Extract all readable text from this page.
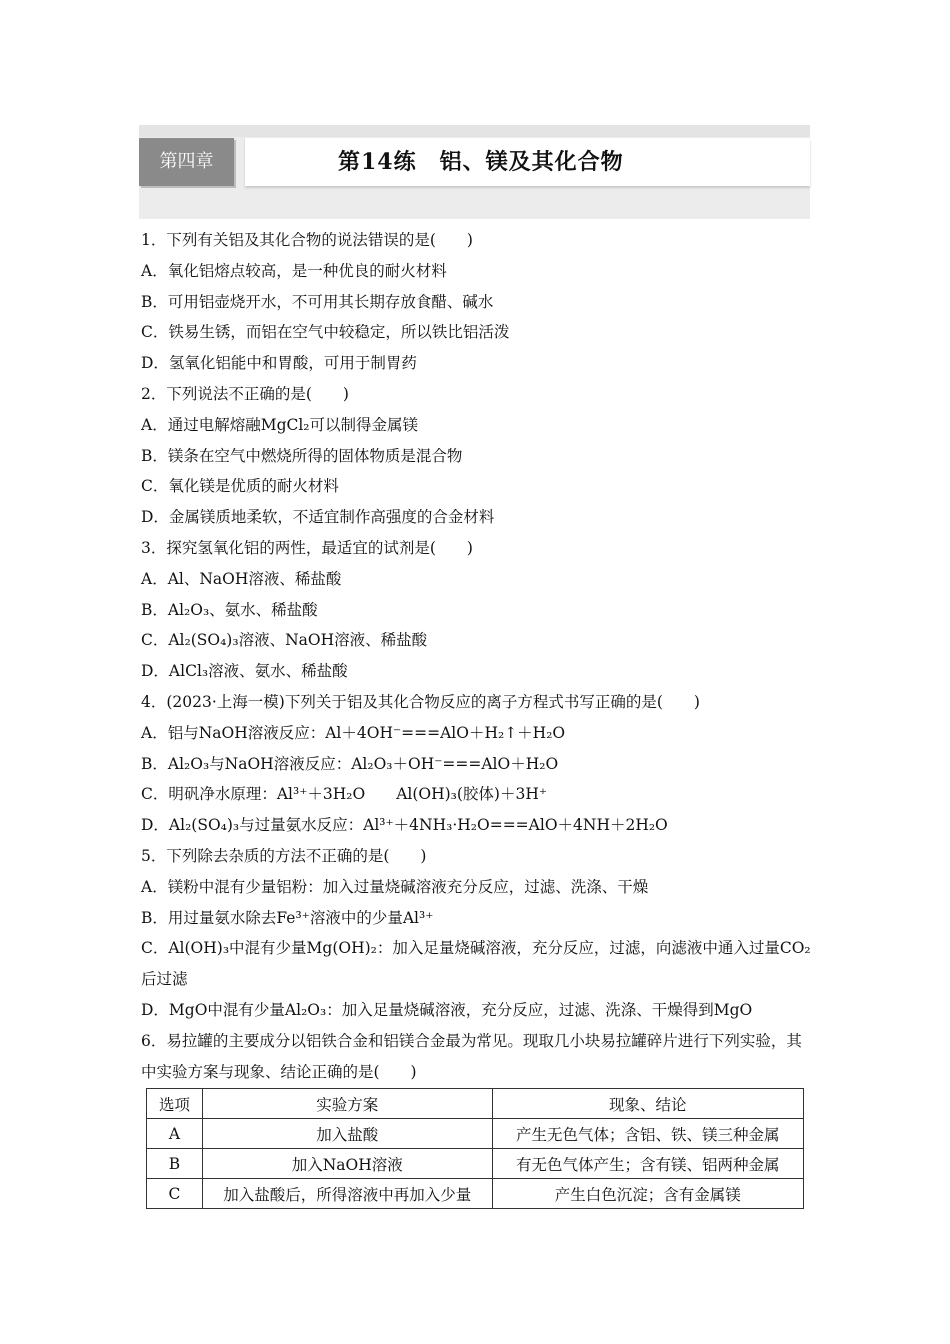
第四章	第14练　铝、镁及其化合物
1．下列有关铝及其化合物的说法错误的是(　　)
A．氧化铝熔点较高，是一种优良的耐火材料
B．可用铝壶烧开水，不可用其长期存放食醋、碱水
C．铁易生锈，而铝在空气中较稳定，所以铁比铝活泼
D．氢氧化铝能中和胃酸，可用于制胃药
2．下列说法不正确的是(　　)
A．通过电解熔融MgCl₂可以制得金属镁
B．镁条在空气中燃烧所得的固体物质是混合物
C．氧化镁是优质的耐火材料
D．金属镁质地柔软，不适宜制作高强度的合金材料
3．探究氢氧化铝的两性，最适宜的试剂是(　　)
A．Al、NaOH溶液、稀盐酸
B．Al₂O₃、氨水、稀盐酸
C．Al₂(SO₄)₃溶液、NaOH溶液、稀盐酸
D．AlCl₃溶液、氨水、稀盐酸
4．(2023·上海一模)下列关于铝及其化合物反应的离子方程式书写正确的是(　　)
A．铝与NaOH溶液反应：Al＋4OH⁻===AlO＋H₂↑＋H₂O
B．Al₂O₃与NaOH溶液反应：Al₂O₃＋OH⁻===AlO＋H₂O
C．明矾净水原理：Al³⁺＋3H₂O　　Al(OH)₃(胶体)＋3H⁺
D．Al₂(SO₄)₃与过量氨水反应：Al³⁺＋4NH₃·H₂O===AlO＋4NH＋2H₂O
5．下列除去杂质的方法不正确的是(　　)
A．镁粉中混有少量铝粉：加入过量烧碱溶液充分反应，过滤、洗涤、干燥
B．用过量氨水除去Fe³⁺溶液中的少量Al³⁺
C．Al(OH)₃中混有少量Mg(OH)₂：加入足量烧碱溶液，充分反应，过滤，向滤液中通入过量CO₂后过滤
D．MgO中混有少量Al₂O₃：加入足量烧碱溶液，充分反应，过滤、洗涤、干燥得到MgO
6．易拉罐的主要成分以铝铁合金和铝镁合金最为常见。现取几小块易拉罐碎片进行下列实验，其中实验方案与现象、结论正确的是(　　)
选项	实验方案	现象、结论
A	加入盐酸	产生无色气体；含铝、铁、镁三种金属
B	加入NaOH溶液	有无色气体产生；含有镁、铝两种金属
C	加入盐酸后，所得溶液中再加入少量	产生白色沉淀；含有金属镁
